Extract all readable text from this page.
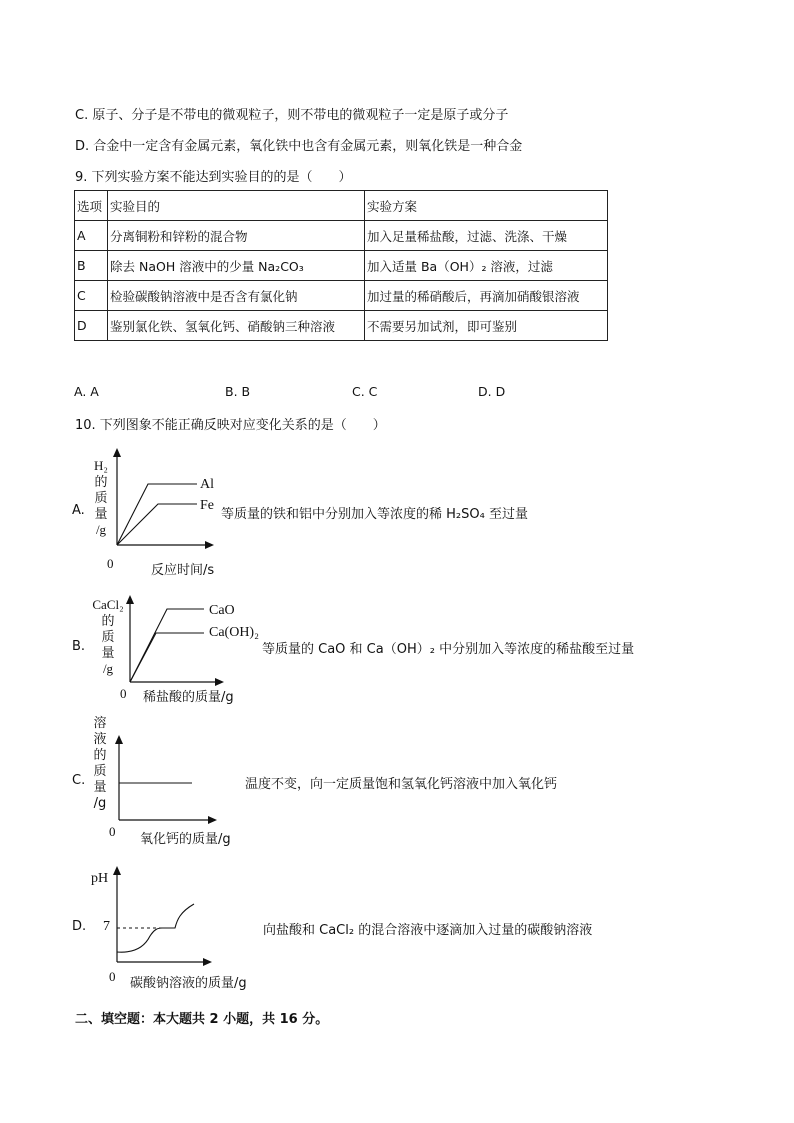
C. 原子、分子是不带电的微观粒子，则不带电的微观粒子一定是原子或分子
D. 合金中一定含有金属元素，氧化铁中也含有金属元素，则氧化铁是一种合金
9. 下列实验方案不能达到实验目的的是（　　）
选项	实验目的	实验方案
A	分离铜粉和锌粉的混合物	加入足量稀盐酸，过滤、洗涤、干燥
B	除去 NaOH 溶液中的少量 Na₂CO₃	加入适量 Ba（OH）₂ 溶液，过滤
C	检验碳酸钠溶液中是否含有氯化钠	加过量的稀硝酸后，再滴加硝酸银溶液
D	鉴别氯化铁、氢氧化钙、硝酸钠三种溶液	不需要另加试剂，即可鉴别
A. A	B. B	C. C	D. D
10. 下列图象不能正确反映对应变化关系的是（　　）
A.
H₂
的
质
量
/g
Al
Fe
0	反应时间/s
等质量的铁和铝中分别加入等浓度的稀 H₂SO₄ 至过量
B.
CaCl₂
的
质
量
/g
CaO
Ca(OH)₂
0 稀盐酸的质量/g
等质量的 CaO 和 Ca（OH）₂ 中分别加入等浓度的稀盐酸至过量
C.
溶
液
的
质
量
/g
0
氧化钙的质量/g
温度不变，向一定质量饱和氢氧化钙溶液中加入氧化钙
D.
pH
7
0 碳酸钠溶液的质量/g
向盐酸和 CaCl₂ 的混合溶液中逐滴加入过量的碳酸钠溶液
二、填空题：本大题共 2 小题，共 16 分。
